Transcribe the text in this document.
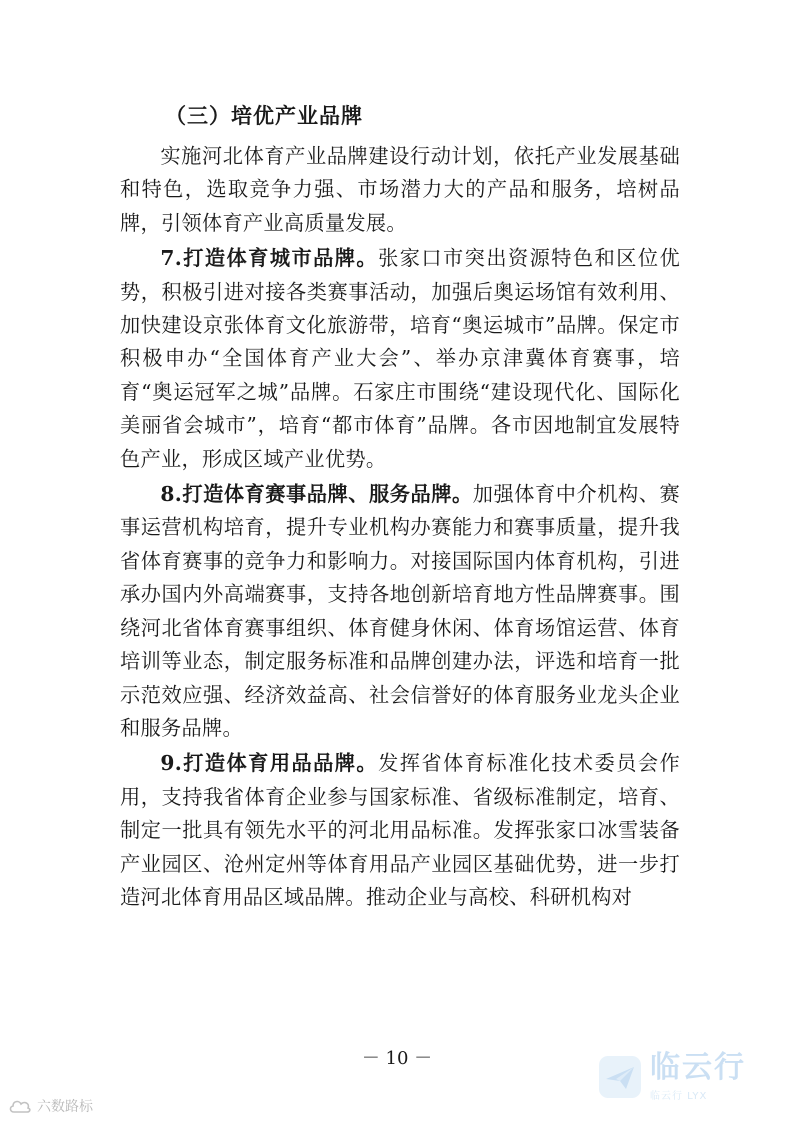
（三）培优产业品牌

实施河北体育产业品牌建设行动计划，依托产业发展基础和特色，选取竞争力强、市场潜力大的产品和服务，培树品牌，引领体育产业高质量发展。

7.打造体育城市品牌。张家口市突出资源特色和区位优势，积极引进对接各类赛事活动，加强后奥运场馆有效利用、加快建设京张体育文化旅游带，培育“奥运城市”品牌。保定市积极申办“全国体育产业大会”、举办京津冀体育赛事，培育“奥运冠军之城”品牌。石家庄市围绕“建设现代化、国际化美丽省会城市”，培育“都市体育”品牌。各市因地制宜发展特色产业，形成区域产业优势。

8.打造体育赛事品牌、服务品牌。加强体育中介机构、赛事运营机构培育，提升专业机构办赛能力和赛事质量，提升我省体育赛事的竞争力和影响力。对接国际国内体育机构，引进承办国内外高端赛事，支持各地创新培育地方性品牌赛事。围绕河北省体育赛事组织、体育健身休闲、体育场馆运营、体育培训等业态，制定服务标准和品牌创建办法，评选和培育一批示范效应强、经济效益高、社会信誉好的体育服务业龙头企业和服务品牌。

9.打造体育用品品牌。发挥省体育标准化技术委员会作用，支持我省体育企业参与国家标准、省级标准制定，培育、制定一批具有领先水平的河北用品标准。发挥张家口冰雪装备产业园区、沧州定州等体育用品产业园区基础优势，进一步打造河北体育用品区域品牌。推动企业与高校、科研机构对

－ 10 －	临云行
临云行 LYX
六数路标
